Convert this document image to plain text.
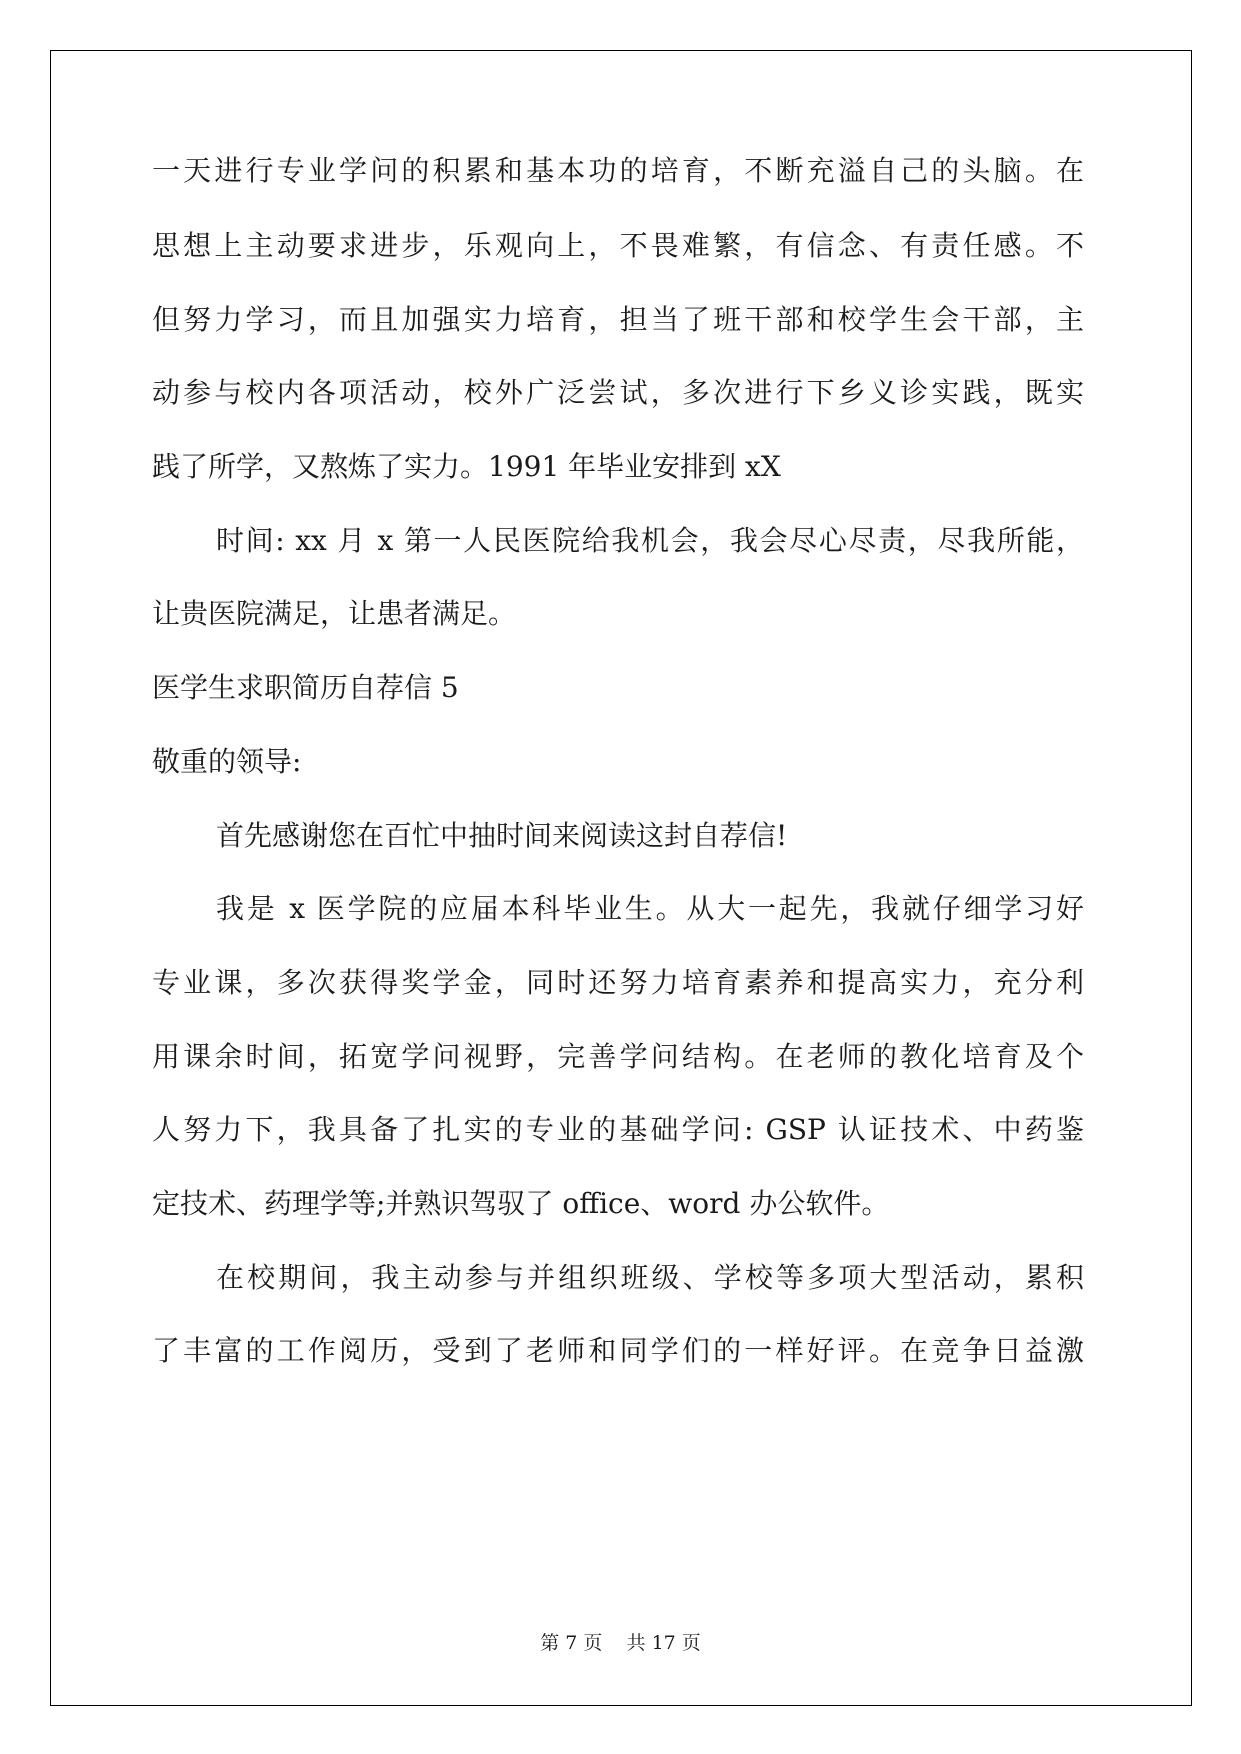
一天进行专业学问的积累和基本功的培育，不断充溢自己的头脑。在

思想上主动要求进步，乐观向上，不畏难繁，有信念、有责任感。不

但努力学习，而且加强实力培育，担当了班干部和校学生会干部，主

动参与校内各项活动，校外广泛尝试，多次进行下乡义诊实践，既实

践了所学，又熬炼了实力。1991 年毕业安排到 xX

时间: xx 月 x 第一人民医院给我机会，我会尽心尽责，尽我所能，

让贵医院满足，让患者满足。

医学生求职简历自荐信 5

敬重的领导:

首先感谢您在百忙中抽时间来阅读这封自荐信!

我是 x 医学院的应届本科毕业生。从大一起先，我就仔细学习好

专业课，多次获得奖学金，同时还努力培育素养和提高实力，充分利

用课余时间，拓宽学问视野，完善学问结构。在老师的教化培育及个

人努力下，我具备了扎实的专业的基础学问: GSP 认证技术、中药鉴

定技术、药理学等;并熟识驾驭了 office、word 办公软件。

在校期间，我主动参与并组织班级、学校等多项大型活动，累积

了丰富的工作阅历，受到了老师和同学们的一样好评。在竞争日益激

第 7 页    共 17 页
